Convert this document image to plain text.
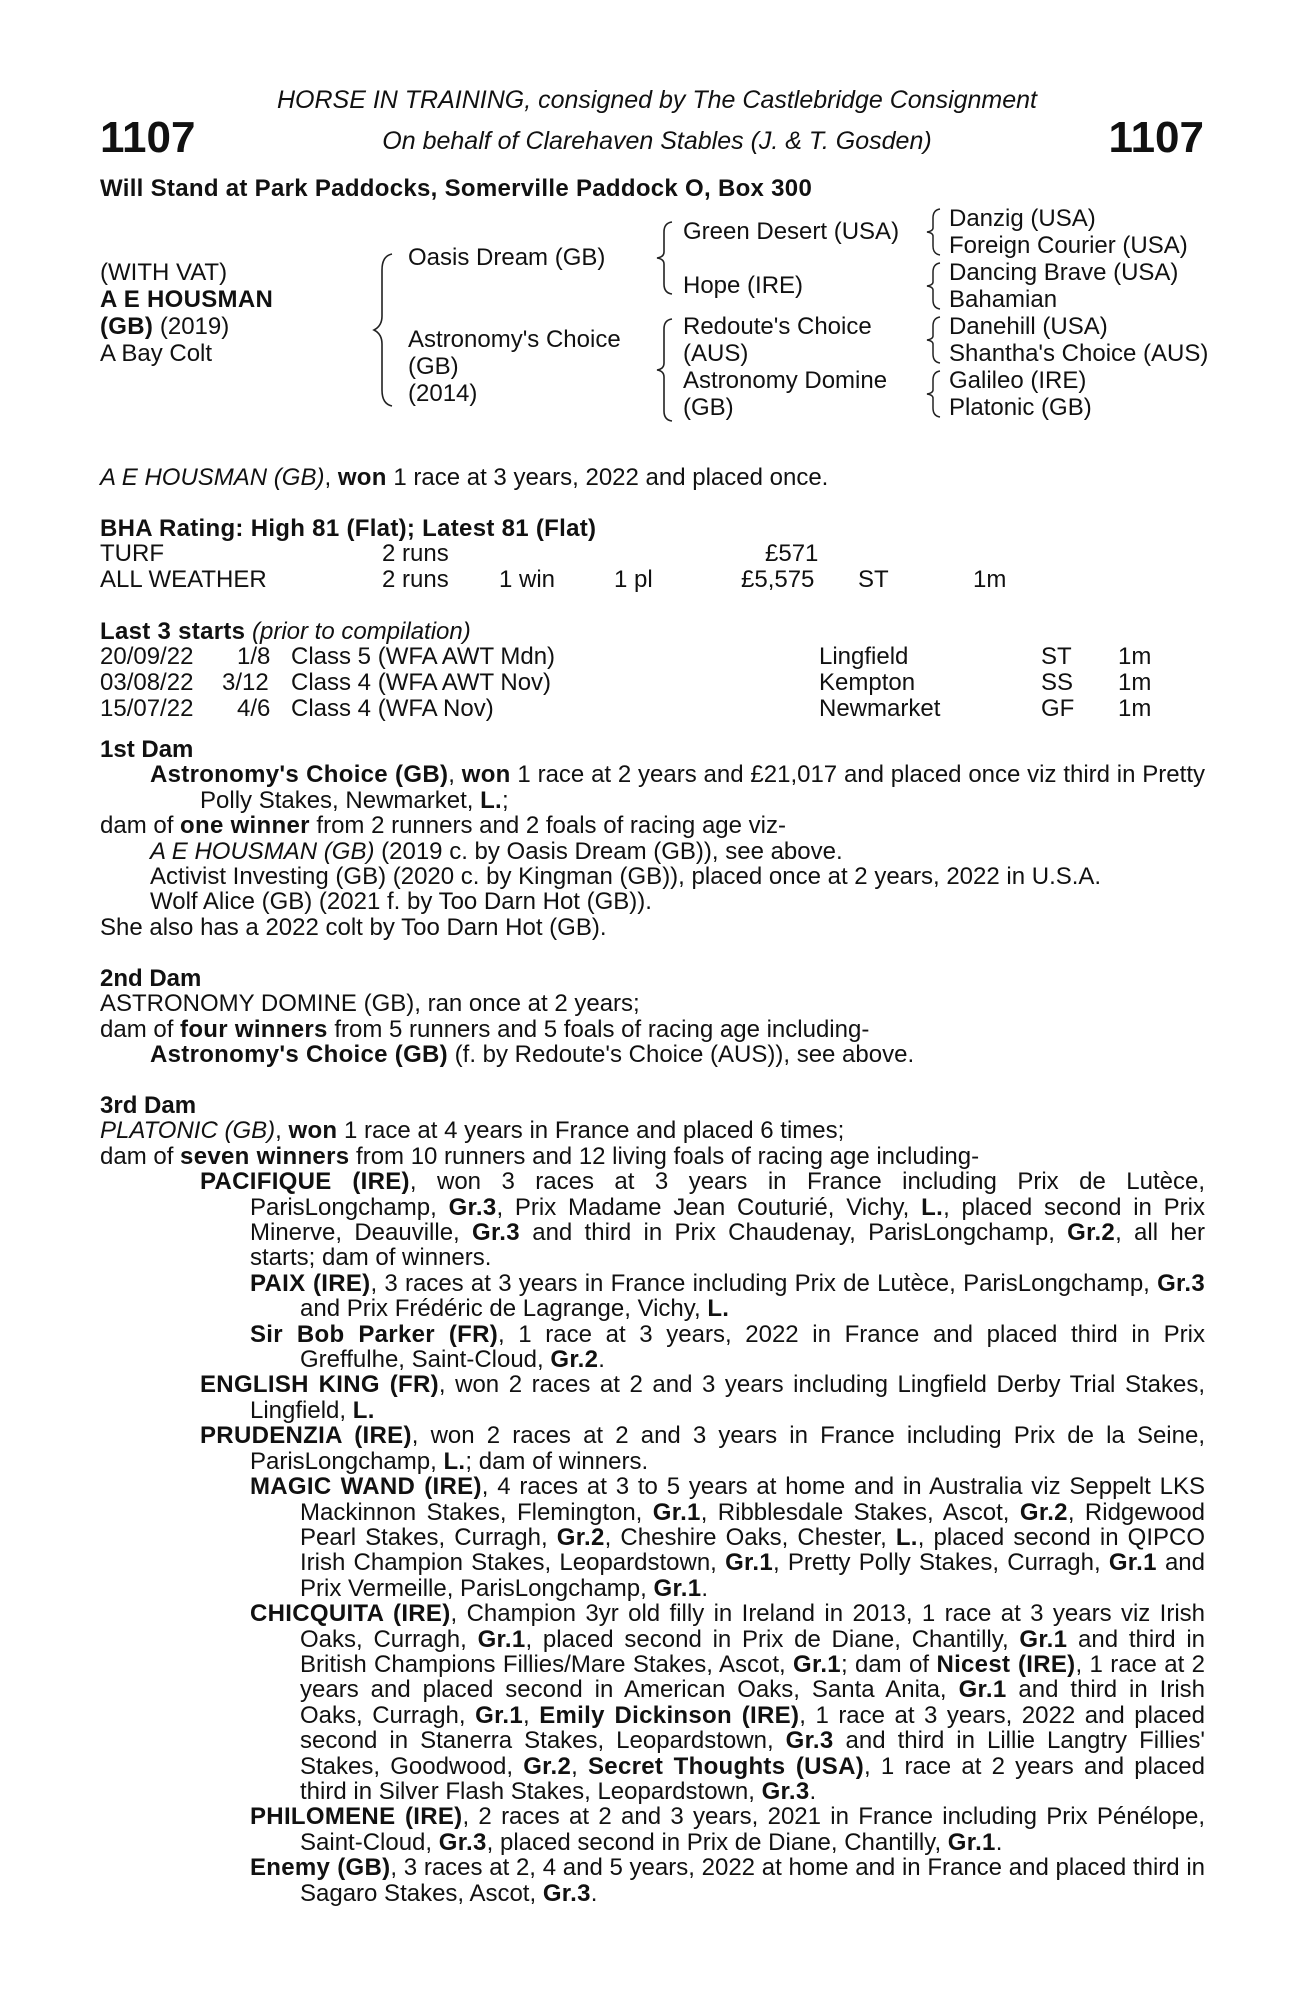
1107	1107
HORSE IN TRAINING, consigned by The Castlebridge Consignment
On behalf of Clarehaven Stables (J. & T. Gosden)
Will Stand at Park Paddocks, Somerville Paddock O, Box 300
(WITH VAT)
A E HOUSMAN
(GB) (2019)
A Bay Colt
Oasis Dream (GB)
Astronomy's Choice
(GB)
(2014)
Green Desert (USA)
Hope (IRE)
Redoute's Choice
(AUS)
Astronomy Domine
(GB)
Danzig (USA)
Foreign Courier (USA)
Dancing Brave (USA)
Bahamian
Danehill (USA)
Shantha's Choice (AUS)
Galileo (IRE)
Platonic (GB)
A E HOUSMAN (GB), won 1 race at 3 years, 2022 and placed once.
BHA Rating: High 81 (Flat); Latest 81 (Flat)
TURF	2 runs	£571
ALL WEATHER	2 runs 1 win 1 pl	£5,575 ST	1m
Last 3 starts (prior to compilation)
20/09/22 1/8 Class 5 (WFA AWT Mdn)	Lingfield	ST 1m
03/08/22 3/12 Class 4 (WFA AWT Nov)	Kempton	SS 1m
15/07/22 4/6 Class 4 (WFA Nov)	Newmarket	GF 1m

1st Dam

Astronomy's Choice (GB), won 1 race at 2 years and £21,017 and placed once viz third in Pretty Polly Stakes, Newmarket, L.;

dam of one winner from 2 runners and 2 foals of racing age viz-

A E HOUSMAN (GB) (2019 c. by Oasis Dream (GB)), see above.

Activist Investing (GB) (2020 c. by Kingman (GB)), placed once at 2 years, 2022 in U.S.A.

Wolf Alice (GB) (2021 f. by Too Darn Hot (GB)).

She also has a 2022 colt by Too Darn Hot (GB).

2nd Dam

ASTRONOMY DOMINE (GB), ran once at 2 years;

dam of four winners from 5 runners and 5 foals of racing age including-

Astronomy's Choice (GB) (f. by Redoute's Choice (AUS)), see above.

3rd Dam

PLATONIC (GB), won 1 race at 4 years in France and placed 6 times;

dam of seven winners from 10 runners and 12 living foals of racing age including-

PACIFIQUE (IRE), won 3 races at 3 years in France including Prix de Lutèce, ParisLongchamp, Gr.3, Prix Madame Jean Couturié, Vichy, L., placed second in Prix Minerve, Deauville, Gr.3 and third in Prix Chaudenay, ParisLongchamp, Gr.2, all her starts; dam of winners.

PAIX (IRE), 3 races at 3 years in France including Prix de Lutèce, ParisLongchamp, Gr.3 and Prix Frédéric de Lagrange, Vichy, L.

Sir Bob Parker (FR), 1 race at 3 years, 2022 in France and placed third in Prix Greffulhe, Saint-Cloud, Gr.2.

ENGLISH KING (FR), won 2 races at 2 and 3 years including Lingfield Derby Trial Stakes, Lingfield, L.

PRUDENZIA (IRE), won 2 races at 2 and 3 years in France including Prix de la Seine, ParisLongchamp, L.; dam of winners.

MAGIC WAND (IRE), 4 races at 3 to 5 years at home and in Australia viz Seppelt LKS Mackinnon Stakes, Flemington, Gr.1, Ribblesdale Stakes, Ascot, Gr.2, Ridgewood Pearl Stakes, Curragh, Gr.2, Cheshire Oaks, Chester, L., placed second in QIPCO Irish Champion Stakes, Leopardstown, Gr.1, Pretty Polly Stakes, Curragh, Gr.1 and Prix Vermeille, ParisLongchamp, Gr.1.

CHICQUITA (IRE), Champion 3yr old filly in Ireland in 2013, 1 race at 3 years viz Irish Oaks, Curragh, Gr.1, placed second in Prix de Diane, Chantilly, Gr.1 and third in British Champions Fillies/Mare Stakes, Ascot, Gr.1; dam of Nicest (IRE), 1 race at 2 years and placed second in American Oaks, Santa Anita, Gr.1 and third in Irish Oaks, Curragh, Gr.1, Emily Dickinson (IRE), 1 race at 3 years, 2022 and placed second in Stanerra Stakes, Leopardstown, Gr.3 and third in Lillie Langtry Fillies' Stakes, Goodwood, Gr.2, Secret Thoughts (USA), 1 race at 2 years and placed third in Silver Flash Stakes, Leopardstown, Gr.3.

PHILOMENE (IRE), 2 races at 2 and 3 years, 2021 in France including Prix Pénélope, Saint-Cloud, Gr.3, placed second in Prix de Diane, Chantilly, Gr.1.

Enemy (GB), 3 races at 2, 4 and 5 years, 2022 at home and in France and placed third in Sagaro Stakes, Ascot, Gr.3.
